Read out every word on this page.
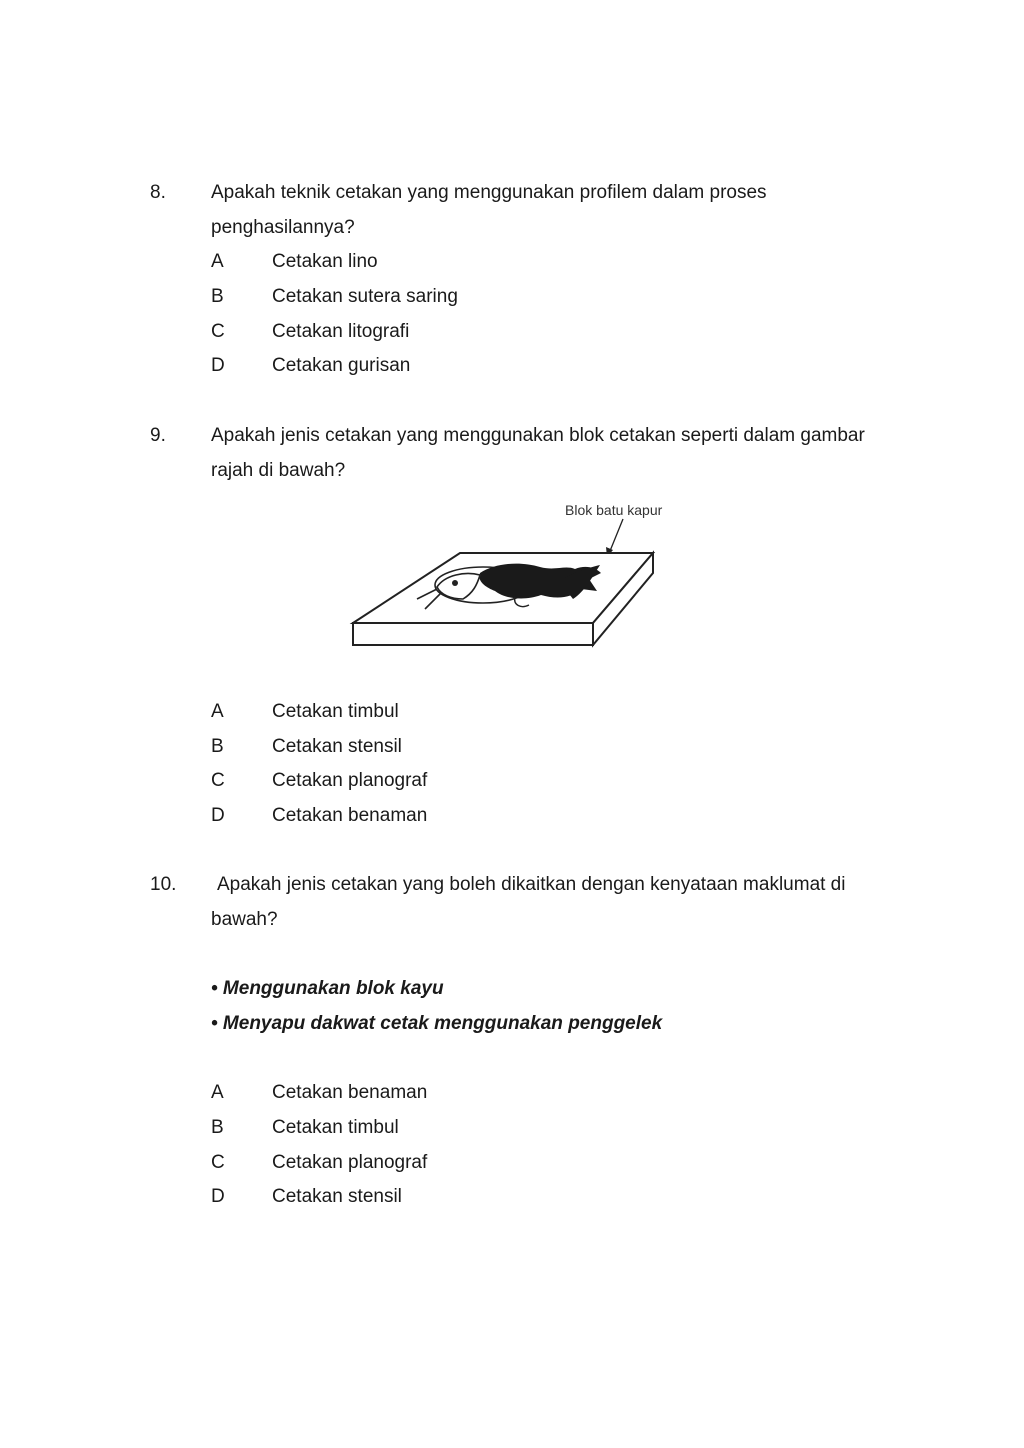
8. Apakah teknik cetakan yang menggunakan profilem dalam proses penghasilannya?

A	Cetakan lino
B	Cetakan sutera saring
C Cetakan litografi
D Cetakan gurisan
9. Apakah jenis cetakan yang menggunakan blok cetakan seperti dalam gambar rajah di bawah?

Blok batu kapur
A	Cetakan timbul
B	Cetakan stensil
C Cetakan planograf
D Cetakan benaman
10.	Apakah jenis cetakan yang boleh dikaitkan dengan kenyataan maklumat di bawah?

• Menggunakan blok kayu
• Menyapu dakwat cetak menggunakan penggelek
A	Cetakan benaman
B	Cetakan timbul
C Cetakan planograf
D Cetakan stensil
